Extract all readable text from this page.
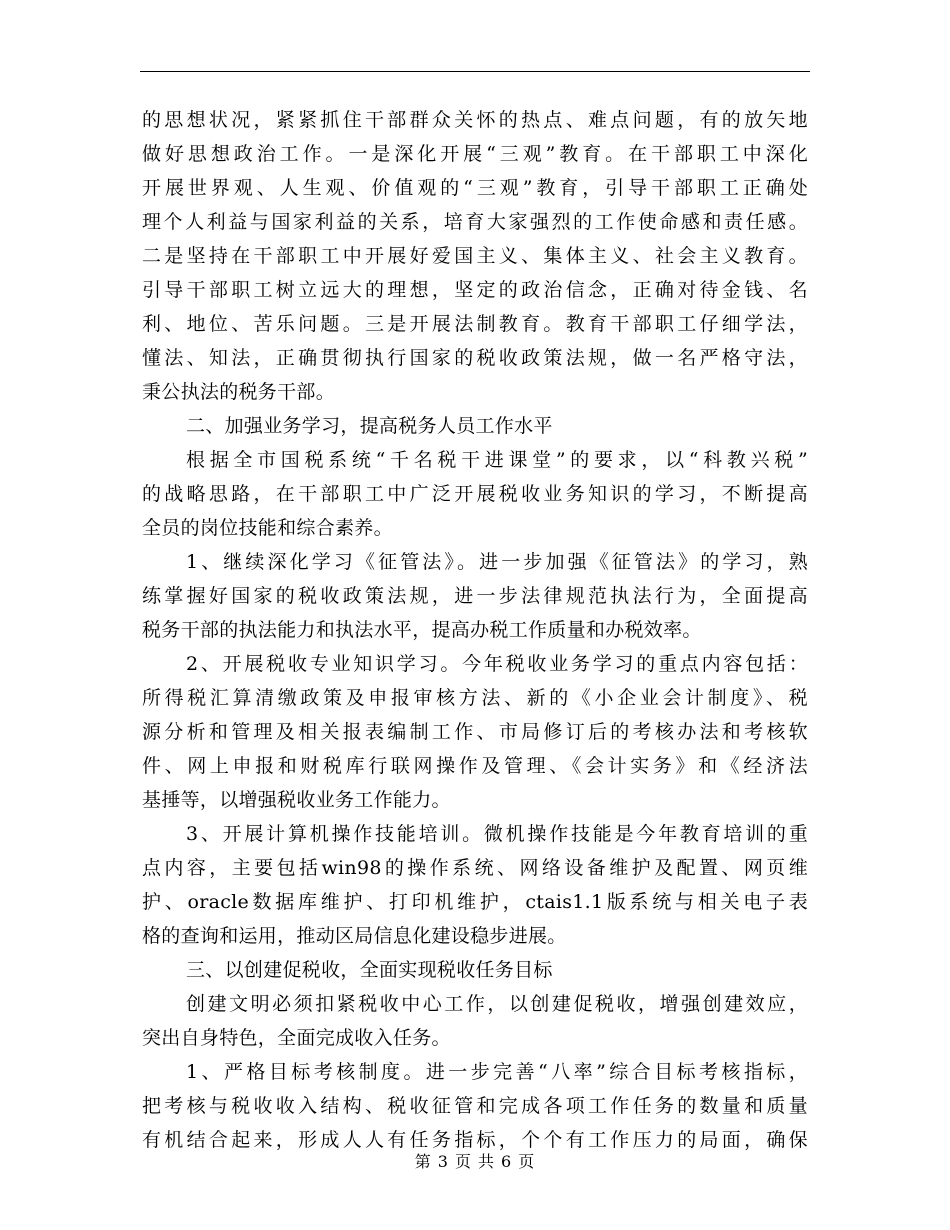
的思想状况，紧紧抓住干部群众关怀的热点、难点问题，有的放矢地
做好思想政治工作。一是深化开展“三观”教育。在干部职工中深化
开展世界观、人生观、价值观的“三观”教育，引导干部职工正确处
理个人利益与国家利益的关系，培育大家强烈的工作使命感和责任感。
二是坚持在干部职工中开展好爱国主义、集体主义、社会主义教育。
引导干部职工树立远大的理想，坚定的政治信念，正确对待金钱、名
利、地位、苦乐问题。三是开展法制教育。教育干部职工仔细学法，
懂法、知法，正确贯彻执行国家的税收政策法规，做一名严格守法，
秉公执法的税务干部。
二、加强业务学习，提高税务人员工作水平
根据全市国税系统“千名税干进课堂”的要求，以“科教兴税”
的战略思路，在干部职工中广泛开展税收业务知识的学习，不断提高
全员的岗位技能和综合素养。
1、继续深化学习《征管法》。进一步加强《征管法》的学习，熟
练掌握好国家的税收政策法规，进一步法律规范执法行为，全面提高
税务干部的执法能力和执法水平，提高办税工作质量和办税效率。
2、开展税收专业知识学习。今年税收业务学习的重点内容包括：
所得税汇算清缴政策及申报审核方法、新的《小企业会计制度》、税
源分析和管理及相关报表编制工作、市局修订后的考核办法和考核软
件、网上申报和财税库行联网操作及管理、《会计实务》和《经济法
基捶等，以增强税收业务工作能力。
3、开展计算机操作技能培训。微机操作技能是今年教育培训的重
点内容，主要包括win98的操作系统、网络设备维护及配置、网页维
护、oracle数据库维护、打印机维护，ctais1.1版系统与相关电子表
格的查询和运用，推动区局信息化建设稳步进展。
三、以创建促税收，全面实现税收任务目标
创建文明必须扣紧税收中心工作，以创建促税收，增强创建效应，
突出自身特色，全面完成收入任务。
1、严格目标考核制度。进一步完善“八率”综合目标考核指标，
把考核与税收收入结构、税收征管和完成各项工作任务的数量和质量
有机结合起来，形成人人有任务指标，个个有工作压力的局面，确保
第 3 页 共 6 页
